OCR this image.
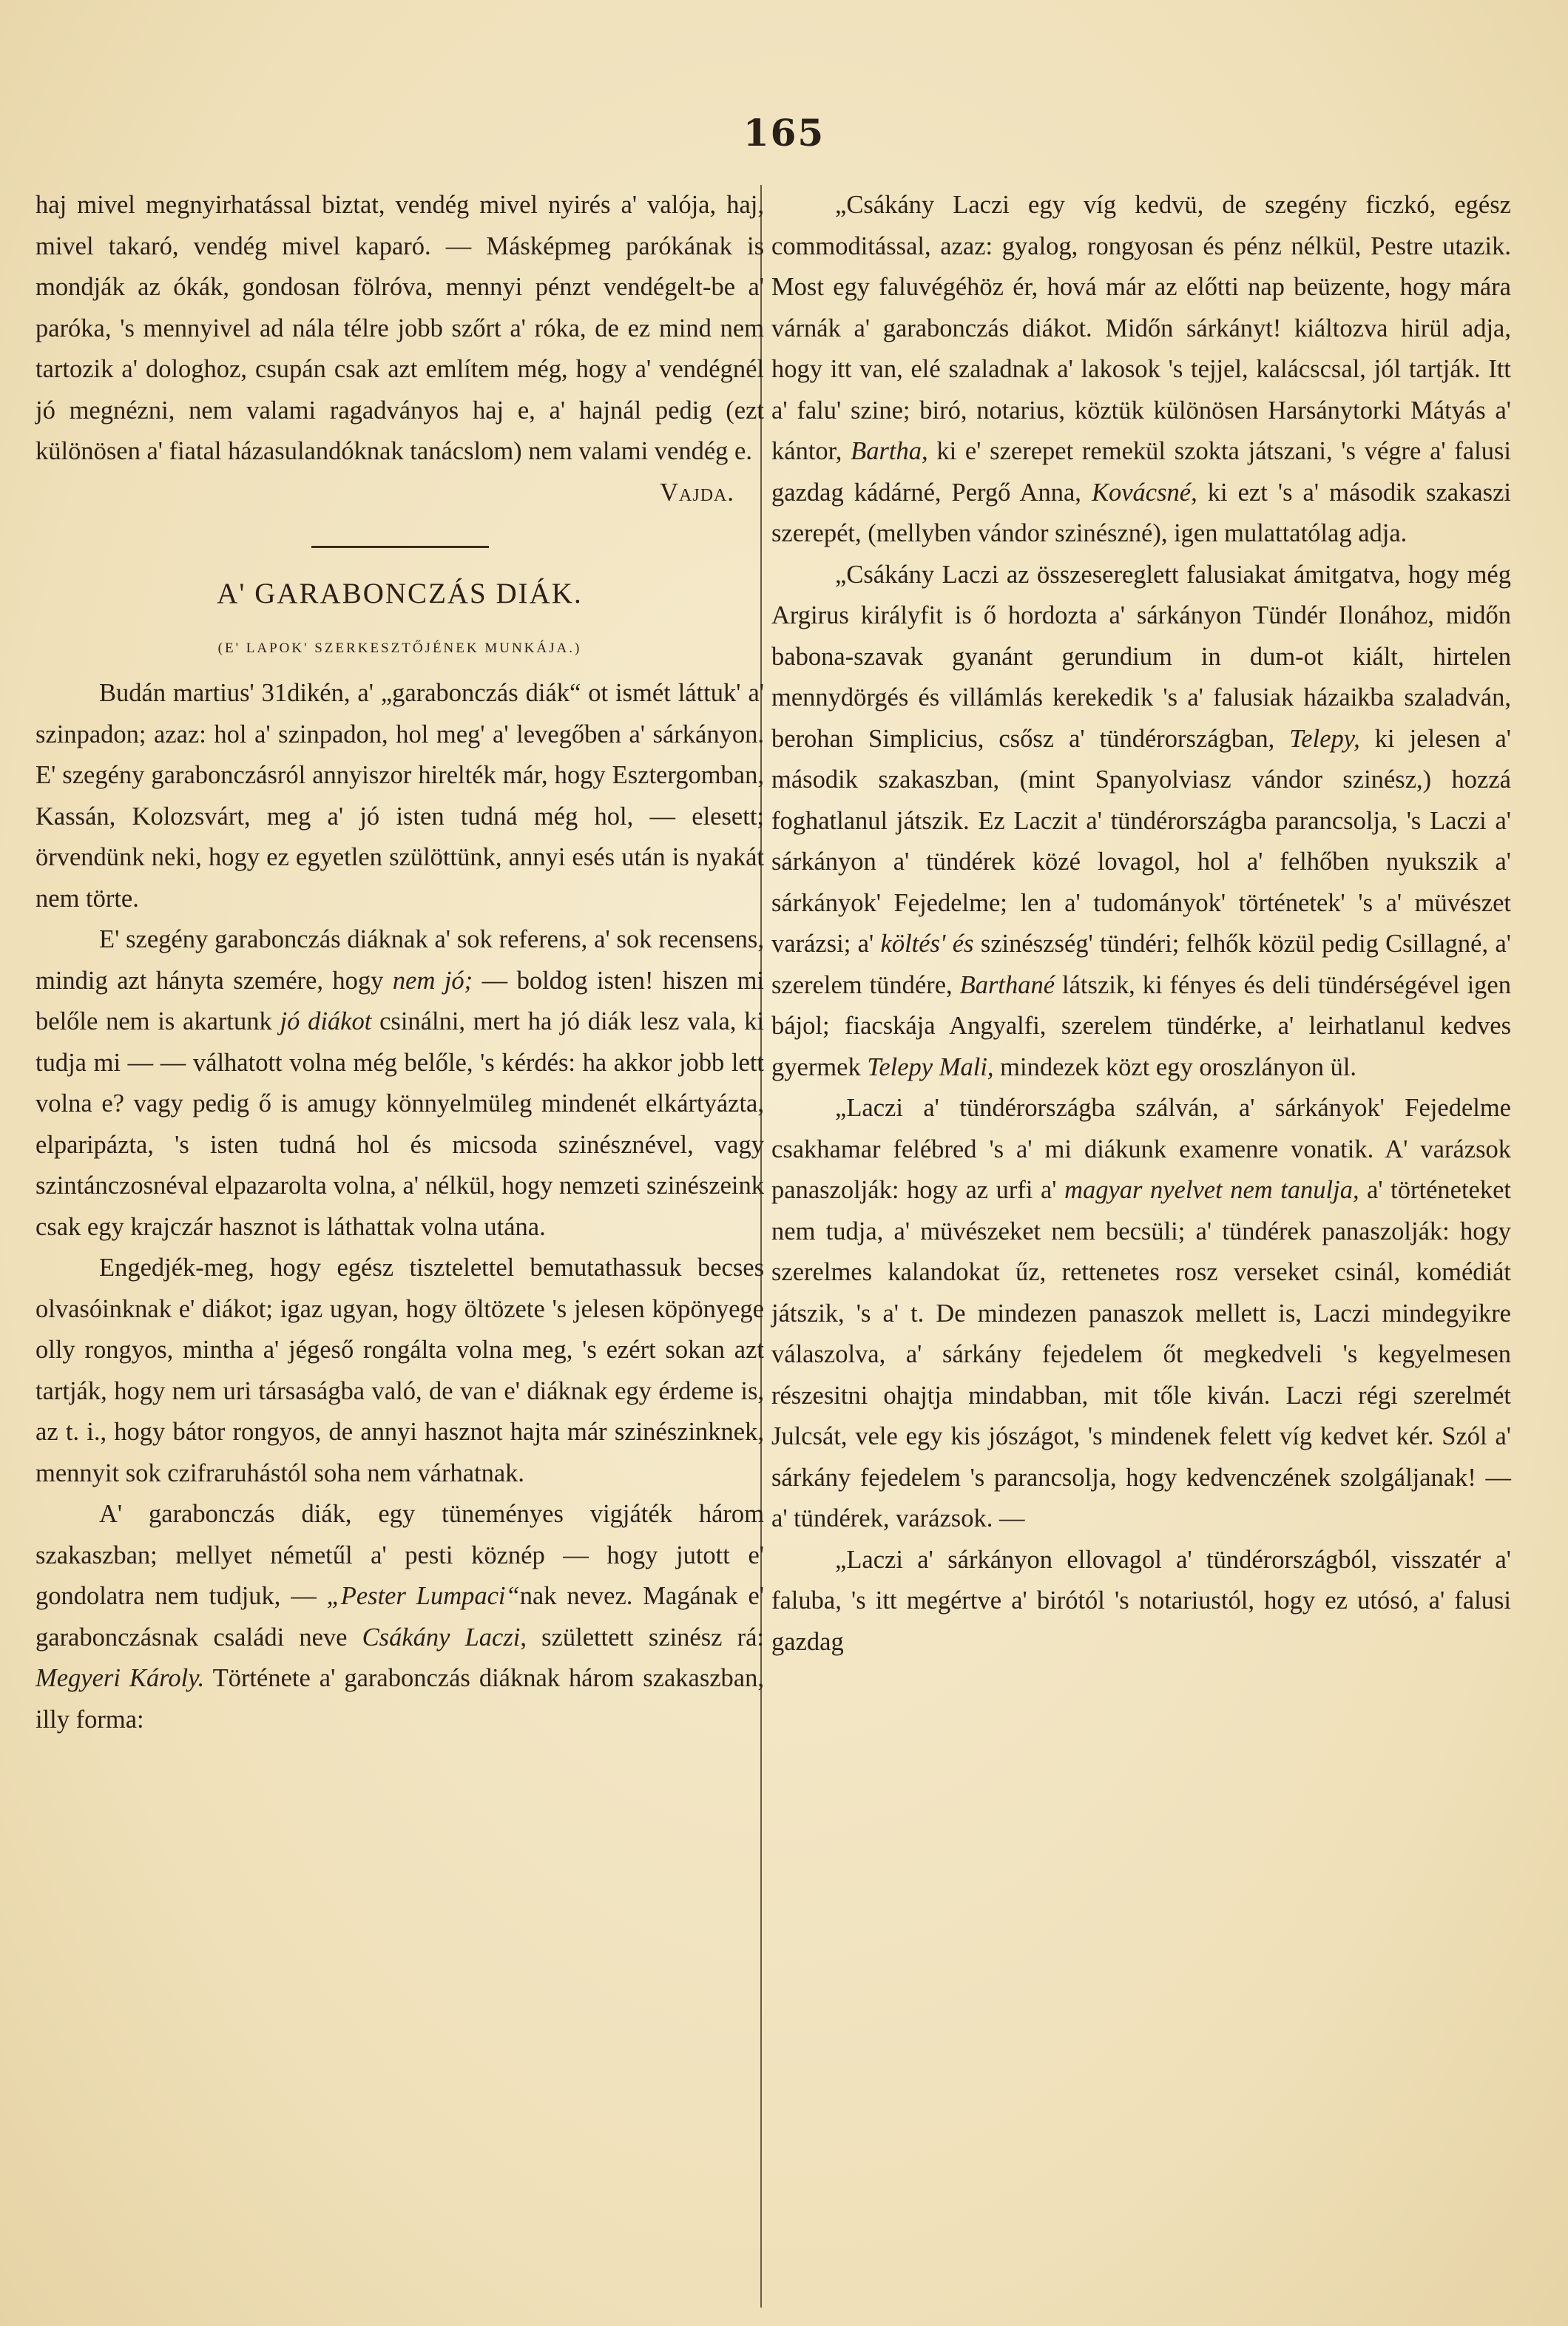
165

haj mivel megnyirhatással biztat, vendég mivel nyirés a' valója, haj, mivel takaró, vendég mivel kaparó. — Másképmeg parókának is mondják az ókák, gondosan fölróva, mennyi pénzt vendégelt-be a' paróka, 's mennyivel ad nála télre jobb szőrt a' róka, de ez mind nem tartozik a' dologhoz, csupán csak azt említem még, hogy a' vendégnél jó megnézni, nem valami ragadványos haj e, a' hajnál pedig (ezt különösen a' fiatal házasulandóknak tanácslom) nem valami vendég e.

Vajda.

A' GARABONCZÁS DIÁK.
(E' LAPOK' SZERKESZTŐJÉNEK MUNKÁJA.)

Budán martius' 31dikén, a' „garabonczás diák“ ot ismét láttuk' a' szinpadon; azaz: hol a' szinpadon, hol meg' a' levegőben a' sárkányon. E' szegény garabonczásról annyiszor hirelték már, hogy Esztergomban, Kassán, Kolozsvárt, meg a' jó isten tudná még hol, — elesett; örvendünk neki, hogy ez egyetlen szülöttünk, annyi esés után is nyakát nem törte.

E' szegény garabonczás diáknak a' sok referens, a' sok recensens, mindig azt hányta szemére, hogy nem jó; — boldog isten! hiszen mi belőle nem is akartunk jó diákot csinálni, mert ha jó diák lesz vala, ki tudja mi — — válhatott volna még belőle, 's kérdés: ha akkor jobb lett volna e? vagy pedig ő is amugy könnyelmüleg mindenét elkártyázta, elparipázta, 's isten tudná hol és micsoda szinésznével, vagy szintánczosnéval elpazarolta volna, a' nélkül, hogy nemzeti szinészeink csak egy krajczár hasznot is láthattak volna utána.

Engedjék-meg, hogy egész tisztelettel bemutathassuk becses olvasóinknak e' diákot; igaz ugyan, hogy öltözete 's jelesen köpönyege olly rongyos, mintha a' jégeső rongálta volna meg, 's ezért sokan azt tartják, hogy nem uri társaságba való, de van e' diáknak egy érdeme is, az t. i., hogy bátor rongyos, de annyi hasznot hajta már szinészinknek, mennyit sok czifraruhástól soha nem várhatnak.

A' garabonczás diák, egy tüneményes vigjáték három szakaszban; mellyet németűl a' pesti köznép — hogy jutott e' gondolatra nem tudjuk, — „Pester Lumpaci“nak nevez. Magának e' garabonczásnak családi neve Csákány Laczi, születtett szinész rá: Megyeri Károly. Története a' garabonczás diáknak három szakaszban, illy forma:

„Csákány Laczi egy víg kedvü, de szegény ficzkó, egész commoditással, azaz: gyalog, rongyosan és pénz nélkül, Pestre utazik. Most egy faluvégéhöz ér, hová már az előtti nap beüzente, hogy mára várnák a' garabonczás diákot. Midőn sárkányt! kiáltozva hirül adja, hogy itt van, elé szaladnak a' lakosok 's tejjel, kalácscsal, jól tartják. Itt a' falu' szine; biró, notarius, köztük különösen Harsánytorki Mátyás a' kántor, Bartha, ki e' szerepet remekül szokta játszani, 's végre a' falusi gazdag kádárné, Pergő Anna, Kovácsné, ki ezt 's a' második szakaszi szerepét, (mellyben vándor szinészné), igen mulattatólag adja.

„Csákány Laczi az összesereglett falusiakat ámitgatva, hogy még Argirus királyfit is ő hordozta a' sárkányon Tündér Ilonához, midőn babona-szavak gyanánt gerundium in dum-ot kiált, hirtelen mennydörgés és villámlás kerekedik 's a' falusiak házaikba szaladván, berohan Simplicius, csősz a' tündérországban, Telepy, ki jelesen a' második szakaszban, (mint Spanyolviasz vándor szinész,) hozzá foghatlanul játszik. Ez Laczit a' tündérországba parancsolja, 's Laczi a' sárkányon a' tündérek közé lovagol, hol a' felhőben nyukszik a' sárkányok' Fejedelme; len a' tudományok' történetek' 's a' müvészet varázsi; a' költés' és szinészség' tündéri; felhők közül pedig Csillagné, a' szerelem tündére, Barthané látszik, ki fényes és deli tündérségével igen bájol; fiacskája Angyalfi, szerelem tündérke, a' leirhatlanul kedves gyermek Telepy Mali, mindezek közt egy oroszlányon ül.

„Laczi a' tündérországba szálván, a' sárkányok' Fejedelme csakhamar felébred 's a' mi diákunk examenre vonatik. A' varázsok panaszolják: hogy az urfi a' magyar nyelvet nem tanulja, a' történeteket nem tudja, a' müvészeket nem becsüli; a' tündérek panaszolják: hogy szerelmes kalandokat űz, rettenetes rosz verseket csinál, komédiát játszik, 's a' t. De mindezen panaszok mellett is, Laczi mindegyikre válaszolva, a' sárkány fejedelem őt megkedveli 's kegyelmesen részesitni ohajtja mindabban, mit tőle kiván. Laczi régi szerelmét Julcsát, vele egy kis jószágot, 's mindenek felett víg kedvet kér. Szól a' sárkány fejedelem 's parancsolja, hogy kedvenczének szolgáljanak! — a' tündérek, varázsok. —

„Laczi a' sárkányon ellovagol a' tündérországból, visszatér a' faluba, 's itt megértve a' birótól 's notariustól, hogy ez utósó, a' falusi gazdag
